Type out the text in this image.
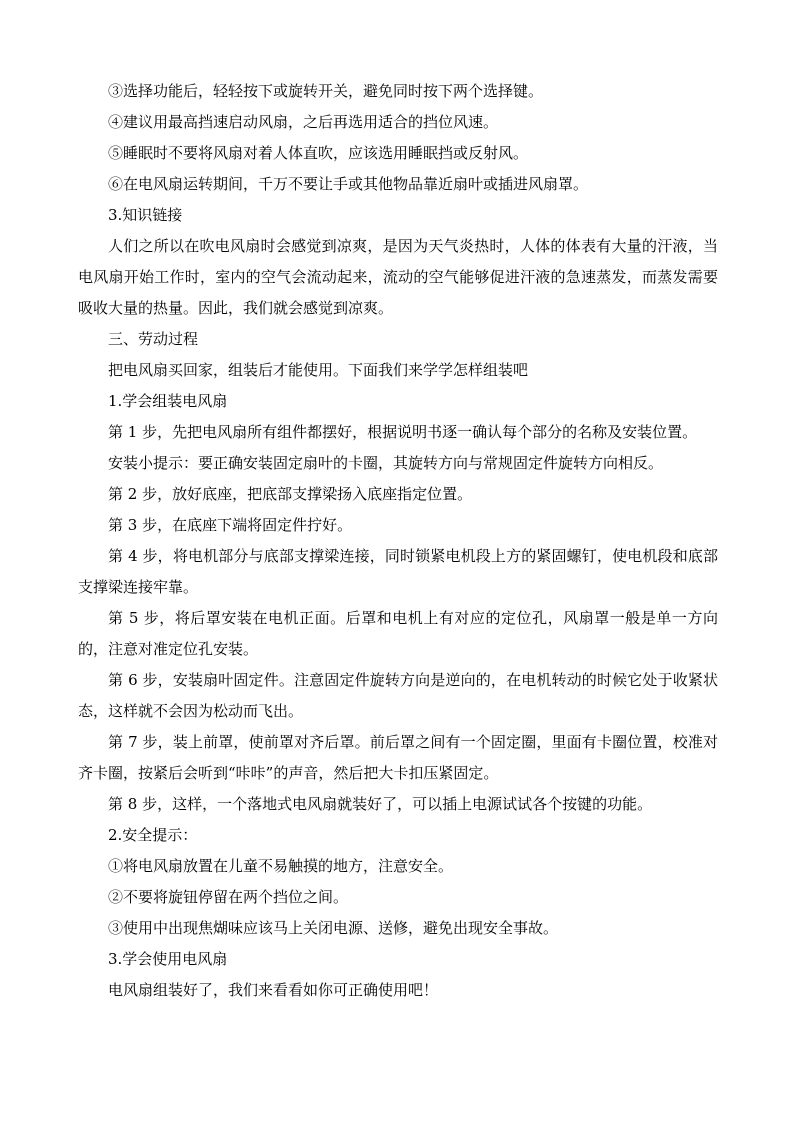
③选择功能后，轻轻按下或旋转开关，避免同时按下两个选择键。

④建议用最高挡速启动风扇，之后再选用适合的挡位风速。

⑤睡眠时不要将风扇对着人体直吹，应该选用睡眠挡或反射风。

⑥在电风扇运转期间，千万不要让手或其他物品靠近扇叶或插进风扇罩。

3.知识链接

人们之所以在吹电风扇时会感觉到凉爽，是因为天气炎热时，人体的体表有大量的汗液，当电风扇开始工作时，室内的空气会流动起来，流动的空气能够促进汗液的急速蒸发，而蒸发需要吸收大量的热量。因此，我们就会感觉到凉爽。

三、劳动过程

把电风扇买回家，组装后才能使用。下面我们来学学怎样组装吧

1.学会组装电风扇

第 1 步，先把电风扇所有组件都摆好，根据说明书逐一确认每个部分的名称及安装位置。

安装小提示：要正确安装固定扇叶的卡圈，其旋转方向与常规固定件旋转方向相反。

第 2 步，放好底座，把底部支撑梁扬入底座指定位置。

第 3 步，在底座下端将固定件拧好。

第 4 步，将电机部分与底部支撑梁连接，同时锁紧电机段上方的紧固螺钉，使电机段和底部支撑梁连接牢靠。

第 5 步，将后罩安装在电机正面。后罩和电机上有对应的定位孔，风扇罩一般是单一方向的，注意对准定位孔安装。

第 6 步，安装扇叶固定件。注意固定件旋转方向是逆向的，在电机转动的时候它处于收紧状态，这样就不会因为松动而飞出。

第 7 步，装上前罩，使前罩对齐后罩。前后罩之间有一个固定圈，里面有卡圈位置，校准对齐卡圈，按紧后会听到“咔咔”的声音，然后把大卡扣压紧固定。

第 8 步，这样，一个落地式电风扇就装好了，可以插上电源试试各个按键的功能。

2.安全提示：

①将电风扇放置在儿童不易触摸的地方，注意安全。

②不要将旋钮停留在两个挡位之间。

③使用中出现焦煳味应该马上关闭电源、送修，避免出现安全事故。

3.学会使用电风扇

电风扇组装好了，我们来看看如你可正确使用吧！
